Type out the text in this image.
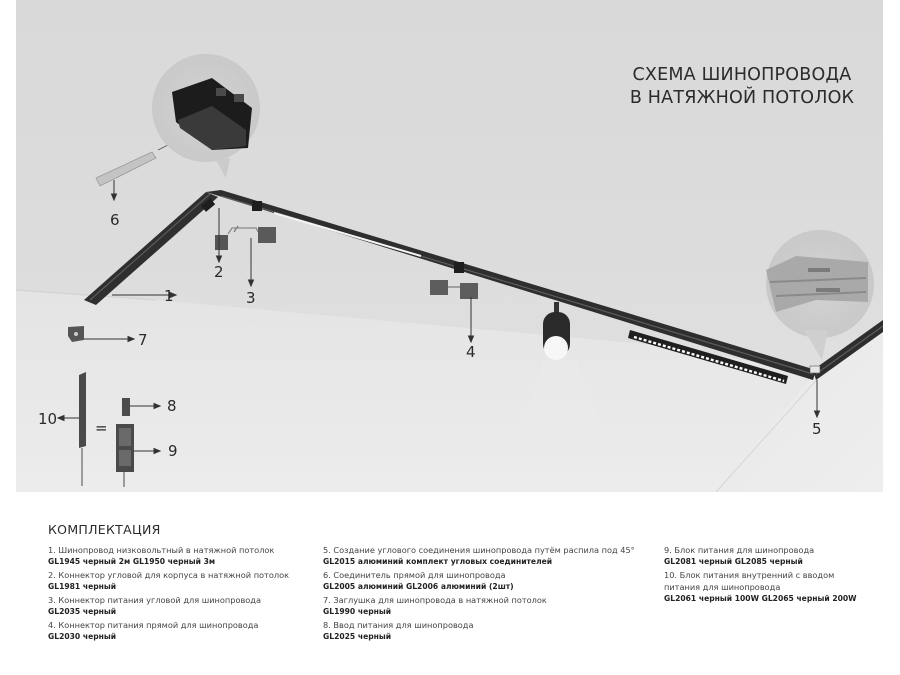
СХЕМА ШИНОПРОВОДА
В НАТЯЖНОЙ ПОТОЛОК
1
2
3
4
5
6
7
8
9
10	=
КОМПЛЕКТАЦИЯ
1. Шинопровод низковольтный в натяжной потолок
GL1945 черный 2м GL1950 черный 3м
2. Коннектор угловой для корпуса в натяжной потолок
GL1981 черный
3. Коннектор питания угловой для шинопровода
GL2035 черный
4. Коннектор питания прямой для шинопровода
GL2030 черный
5. Создание углового соединения шинопровода путём распила под 45°
GL2015 алюминий комплект угловых соединителей
6. Соединитель прямой для шинопровода
GL2005 алюминий GL2006 алюминий (2шт)
7. Заглушка для шинопровода в натяжной потолок
GL1990 черный
8. Ввод питания для шинопровода
GL2025 черный
9. Блок питания для шинопровода
GL2081 черный GL2085 черный
10. Блок питания внутренний с вводом питания для шинопровода
GL2061 черный 100W GL2065 черный 200W
